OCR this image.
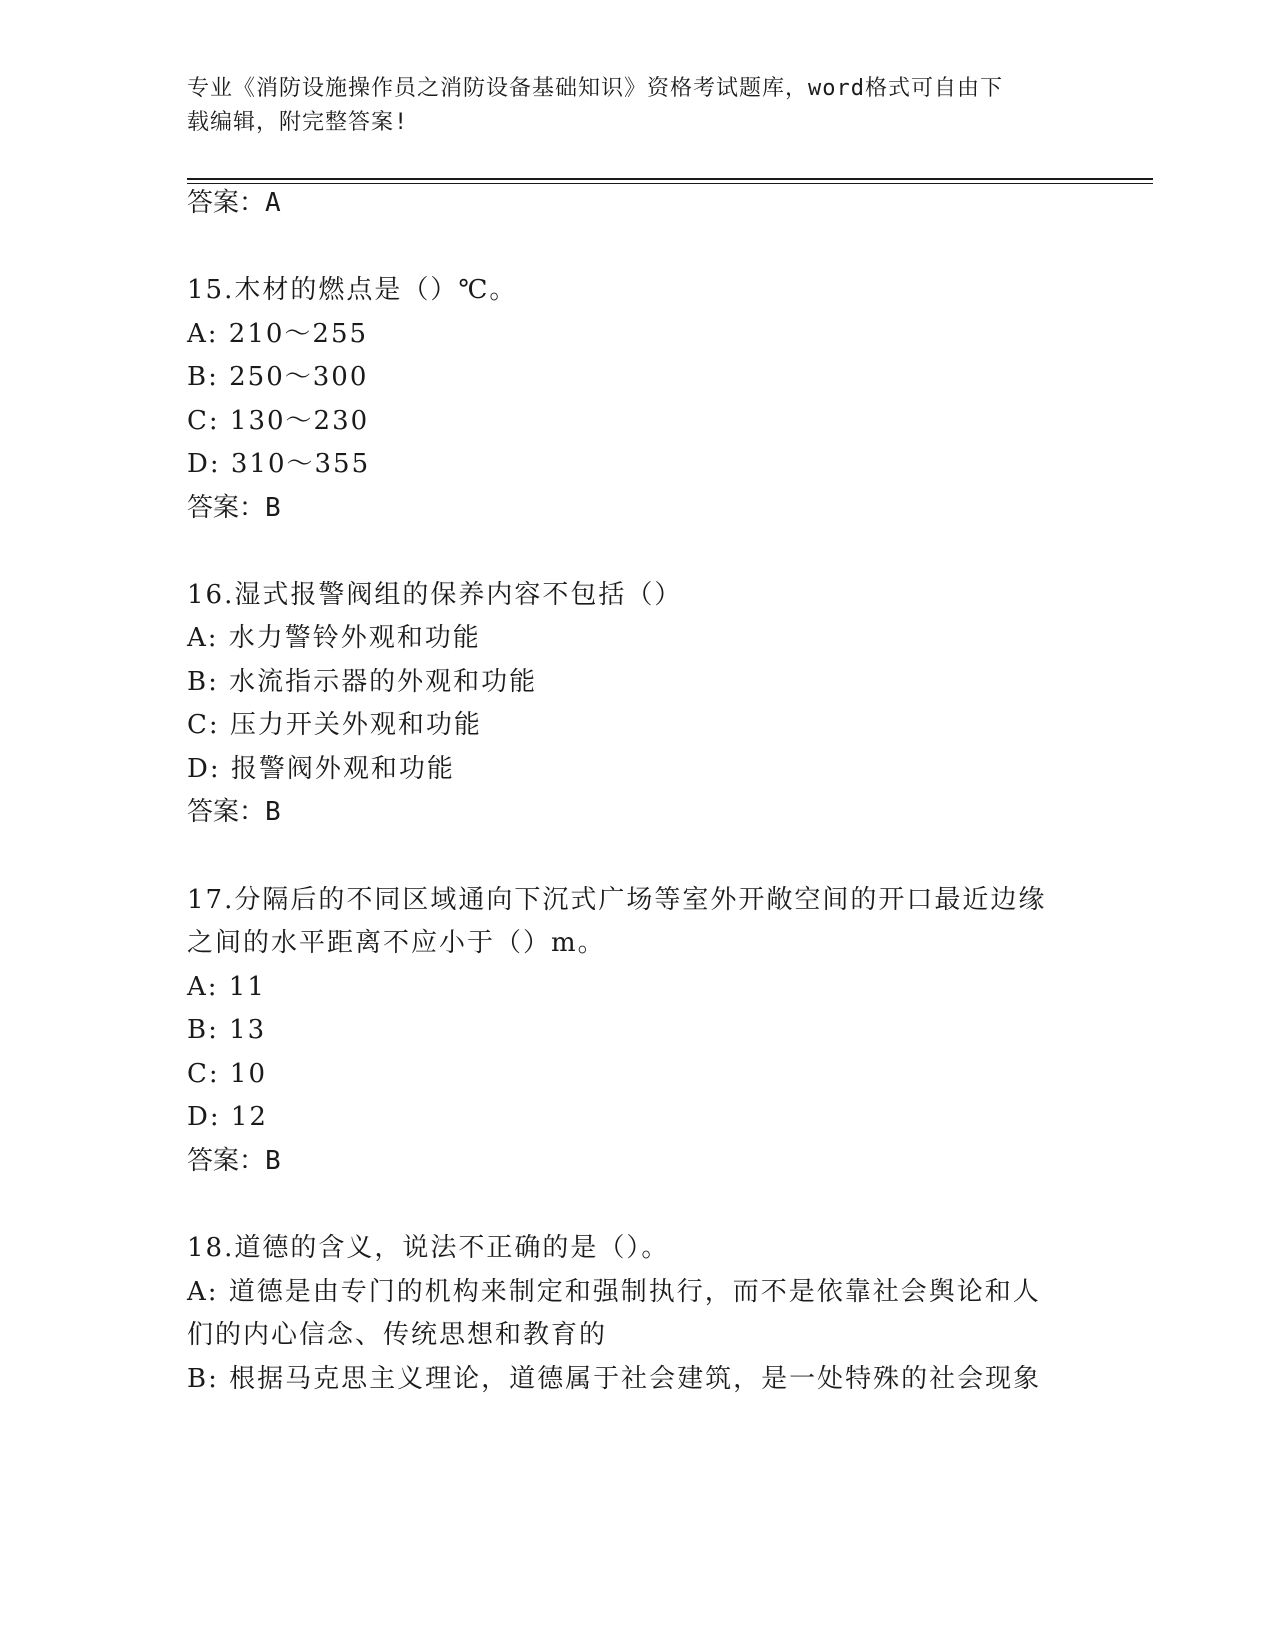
专业《消防设施操作员之消防设备基础知识》资格考试题库，word格式可自由下
载编辑，附完整答案!
答案：A
15.木材的燃点是（）℃。
A: 210～255
B: 250～300
C: 130～230
D: 310～355
答案：B
16.湿式报警阀组的保养内容不包括（）
A: 水力警铃外观和功能
B: 水流指示器的外观和功能
C: 压力开关外观和功能
D: 报警阀外观和功能
答案：B
17.分隔后的不同区域通向下沉式广场等室外开敞空间的开口最近边缘
之间的水平距离不应小于（）m。
A: 11
B: 13
C: 10
D: 12
答案：B
18.道德的含义，说法不正确的是（）。
A: 道德是由专门的机构来制定和强制执行，而不是依靠社会舆论和人
们的内心信念、传统思想和教育的
B: 根据马克思主义理论，道德属于社会建筑，是一处特殊的社会现象
